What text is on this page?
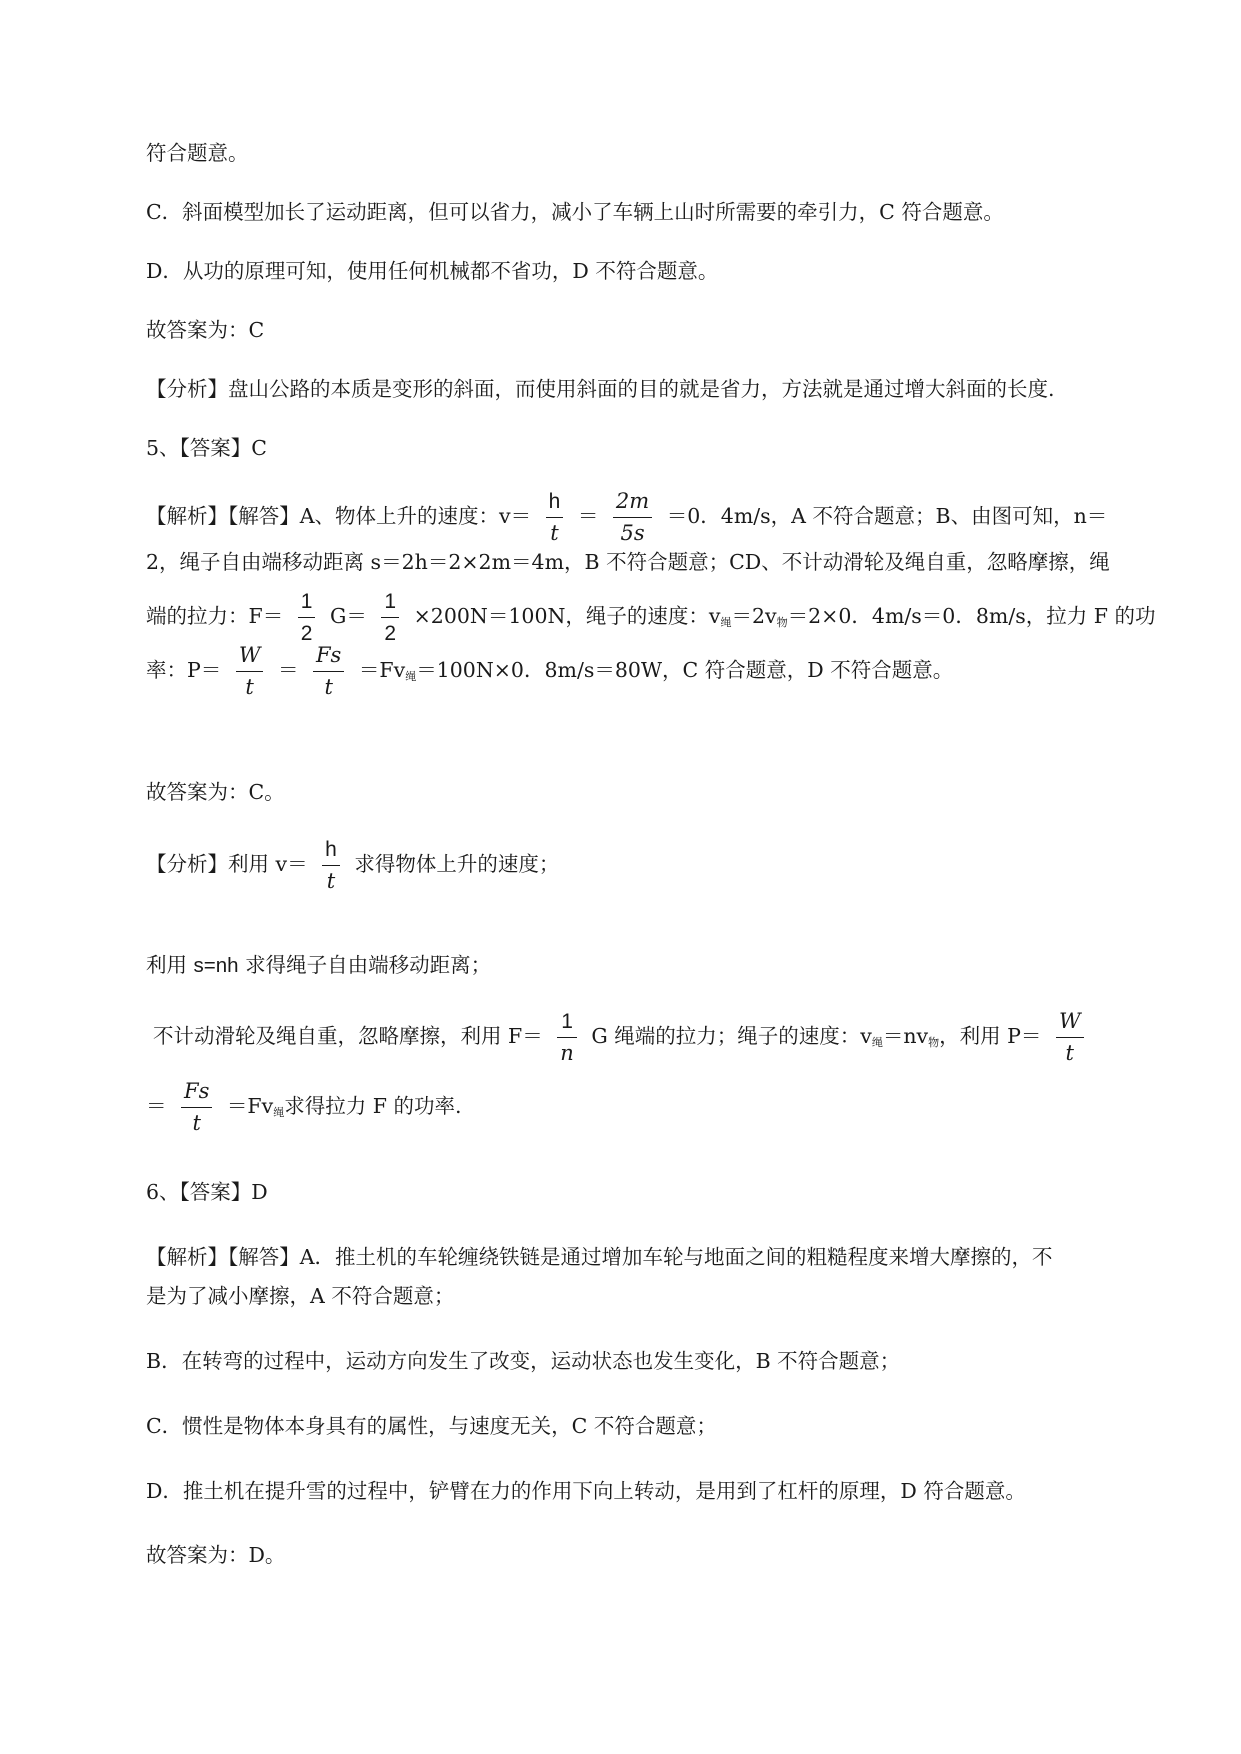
符合题意。
C．斜面模型加长了运动距离，但可以省力，减小了车辆上山时所需要的牵引力，C 符合题意。
D．从功的原理可知，使用任何机械都不省功，D 不符合题意。
故答案为：C
【分析】盘山公路的本质是变形的斜面，而使用斜面的目的就是省力，方法就是通过增大斜面的长度.
5、【答案】C
【解析】【解答】A、物体上升的速度：$v= \frac{h}{t} = \frac{2m}{5s} =0$．4m/s，A 不符合题意；B、由图可知，n＝
2，绳子自由端移动距离 s＝2h＝2×2m＝4m，B 不符合题意；CD、不计动滑轮及绳自重，忽略摩擦，绳
端的拉力：$F= \frac{1}{2} G= \frac{1}{2} \times 200N=100N$，绳子的速度：$v_绳=2v_物=2\times 0$．4m/s＝0．8m/s，拉力 F 的功
率：$P= \frac{W}{t} = \frac{Fs}{t} =Fv_绳=100N\times 0$．8m/s＝80W，C 符合题意，D 不符合题意。
故答案为：C。
【分析】利用 $v= \frac{h}{t}$ 求得物体上升的速度；
利用 s=nh 求得绳子自由端移动距离；
不计动滑轮及绳自重，忽略摩擦，利用 $F= \frac{1}{n}$ G 绳端的拉力；绳子的速度：$v_绳=nv_物$，利用 $P= \frac{W}{t}$
＝ $\frac{Fs}{t} =Fv_绳$求得拉力 F 的功率.
6、【答案】D
【解析】【解答】A．推土机的车轮缠绕铁链是通过增加车轮与地面之间的粗糙程度来增大摩擦的，不
是为了减小摩擦，A 不符合题意；
B．在转弯的过程中，运动方向发生了改变，运动状态也发生变化，B 不符合题意；
C．惯性是物体本身具有的属性，与速度无关，C 不符合题意；
D．推土机在提升雪的过程中，铲臂在力的作用下向上转动，是用到了杠杆的原理，D 符合题意。
故答案为：D。
